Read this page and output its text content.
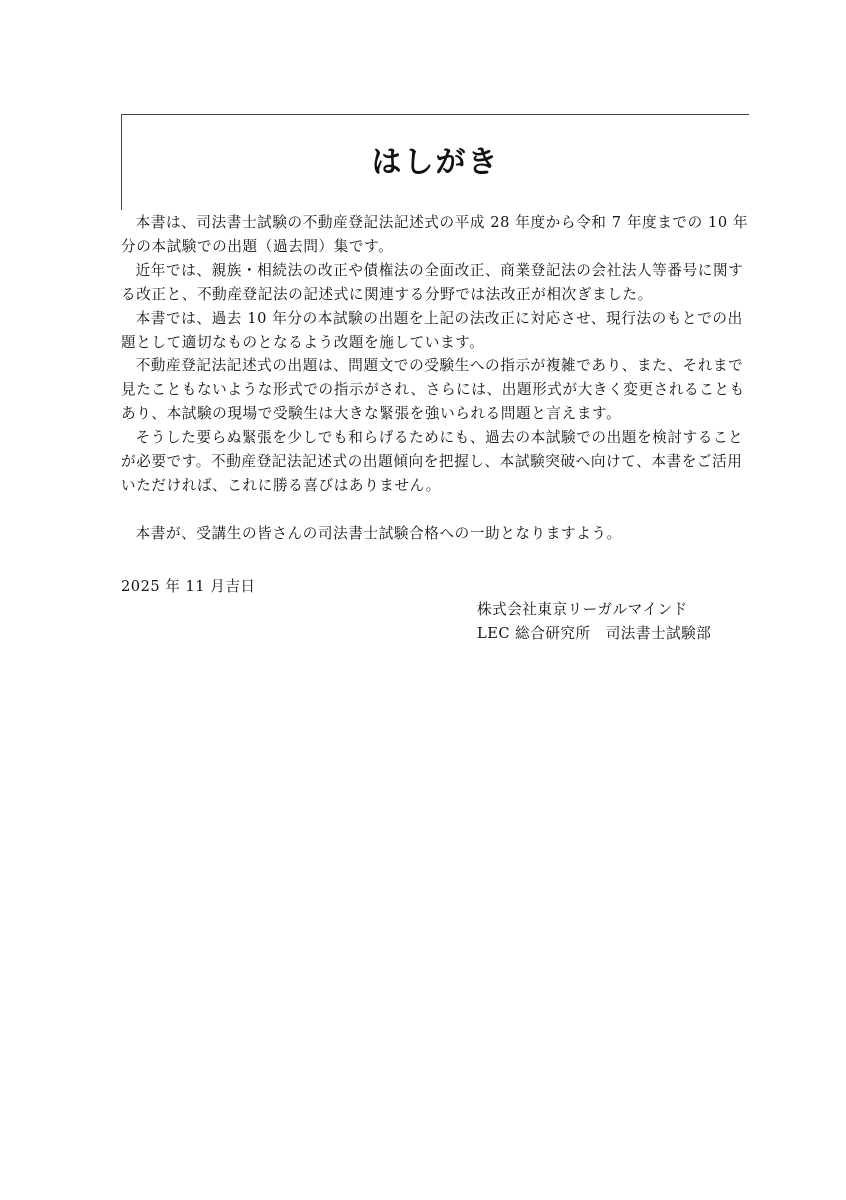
はしがき

本書は、司法書士試験の不動産登記法記述式の平成 28 年度から令和 7 年度までの 10 年分の本試験での出題（過去問）集です。

近年では、親族・相続法の改正や債権法の全面改正、商業登記法の会社法人等番号に関する改正と、不動産登記法の記述式に関連する分野では法改正が相次ぎました。

本書では、過去 10 年分の本試験の出題を上記の法改正に対応させ、現行法のもとでの出題として適切なものとなるよう改題を施しています。

不動産登記法記述式の出題は、問題文での受験生への指示が複雑であり、また、それまで見たこともないような形式での指示がされ、さらには、出題形式が大きく変更されることもあり、本試験の現場で受験生は大きな緊張を強いられる問題と言えます。

そうした要らぬ緊張を少しでも和らげるためにも、過去の本試験での出題を検討することが必要です。不動産登記法記述式の出題傾向を把握し、本試験突破へ向けて、本書をご活用いただければ、これに勝る喜びはありません。

本書が、受講生の皆さんの司法書士試験合格への一助となりますよう。

2025 年 11 月吉日
株式会社東京リーガルマインド
LEC 総合研究所　司法書士試験部
